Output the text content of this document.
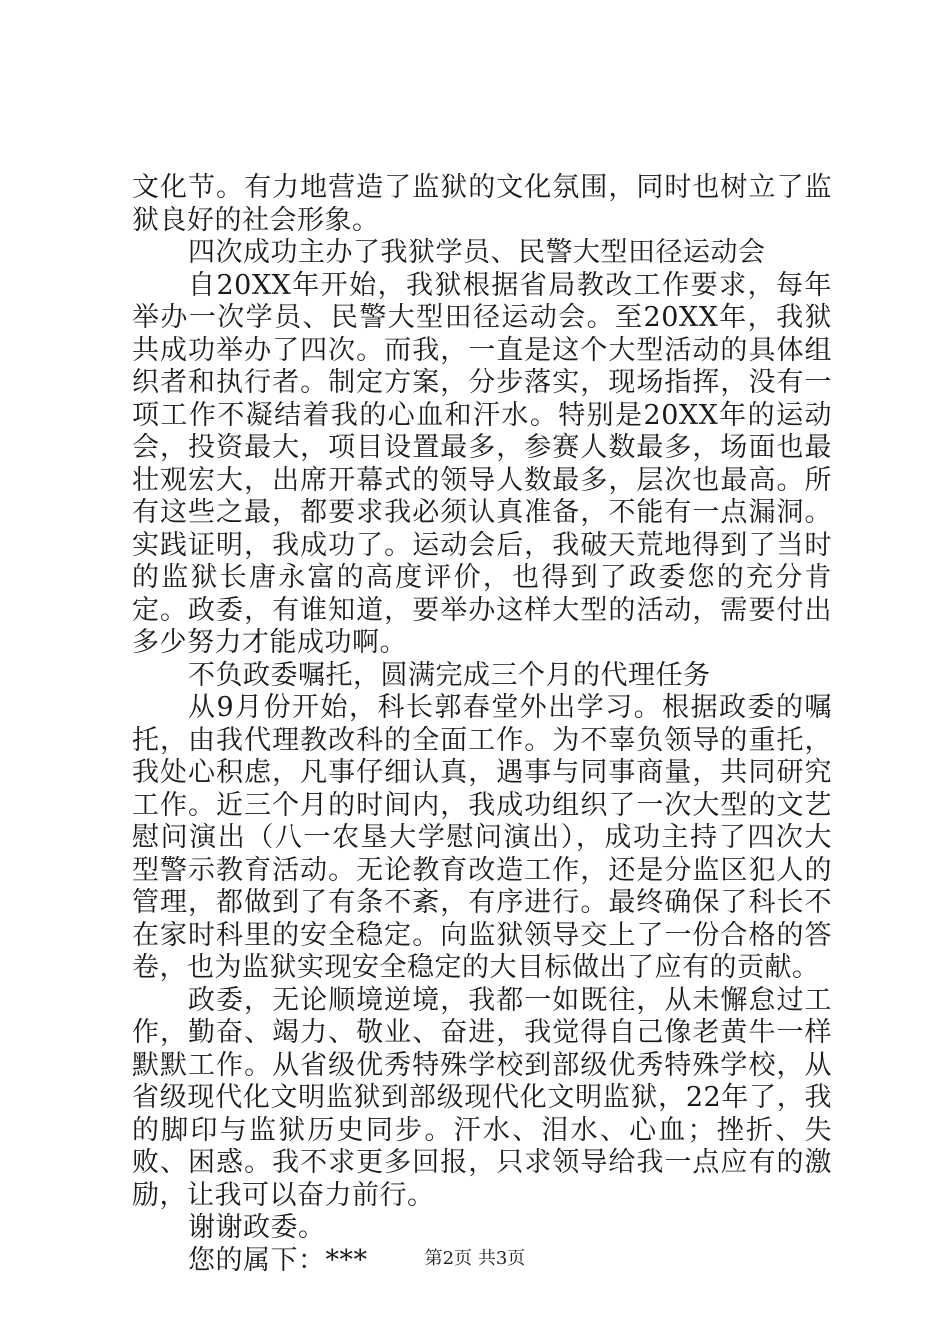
文化节。有力地营造了监狱的文化氛围，同时也树立了监狱良好的社会形象。

四次成功主办了我狱学员、民警大型田径运动会

自20XX年开始，我狱根据省局教改工作要求，每年举办一次学员、民警大型田径运动会。至20XX年，我狱共成功举办了四次。而我，一直是这个大型活动的具体组织者和执行者。制定方案，分步落实，现场指挥，没有一项工作不凝结着我的心血和汗水。特别是20XX年的运动会，投资最大，项目设置最多，参赛人数最多，场面也最壮观宏大，出席开幕式的领导人数最多，层次也最高。所有这些之最，都要求我必须认真准备，不能有一点漏洞。实践证明，我成功了。运动会后，我破天荒地得到了当时的监狱长唐永富的高度评价，也得到了政委您的充分肯定。政委，有谁知道，要举办这样大型的活动，需要付出多少努力才能成功啊。

不负政委嘱托，圆满完成三个月的代理任务

从9月份开始，科长郭春堂外出学习。根据政委的嘱托，由我代理教改科的全面工作。为不辜负领导的重托，我处心积虑，凡事仔细认真，遇事与同事商量，共同研究工作。近三个月的时间内，我成功组织了一次大型的文艺慰问演出（八一农垦大学慰问演出），成功主持了四次大型警示教育活动。无论教育改造工作，还是分监区犯人的管理，都做到了有条不紊，有序进行。最终确保了科长不在家时科里的安全稳定。向监狱领导交上了一份合格的答卷，也为监狱实现安全稳定的大目标做出了应有的贡献。

政委，无论顺境逆境，我都一如既往，从未懈怠过工作，勤奋、竭力、敬业、奋进，我觉得自己像老黄牛一样默默工作。从省级优秀特殊学校到部级优秀特殊学校，从省级现代化文明监狱到部级现代化文明监狱，22年了，我的脚印与监狱历史同步。汗水、泪水、心血；挫折、失败、困惑。我不求更多回报，只求领导给我一点应有的激励，让我可以奋力前行。

谢谢政委。

您的属下：***	第2页 共3页
